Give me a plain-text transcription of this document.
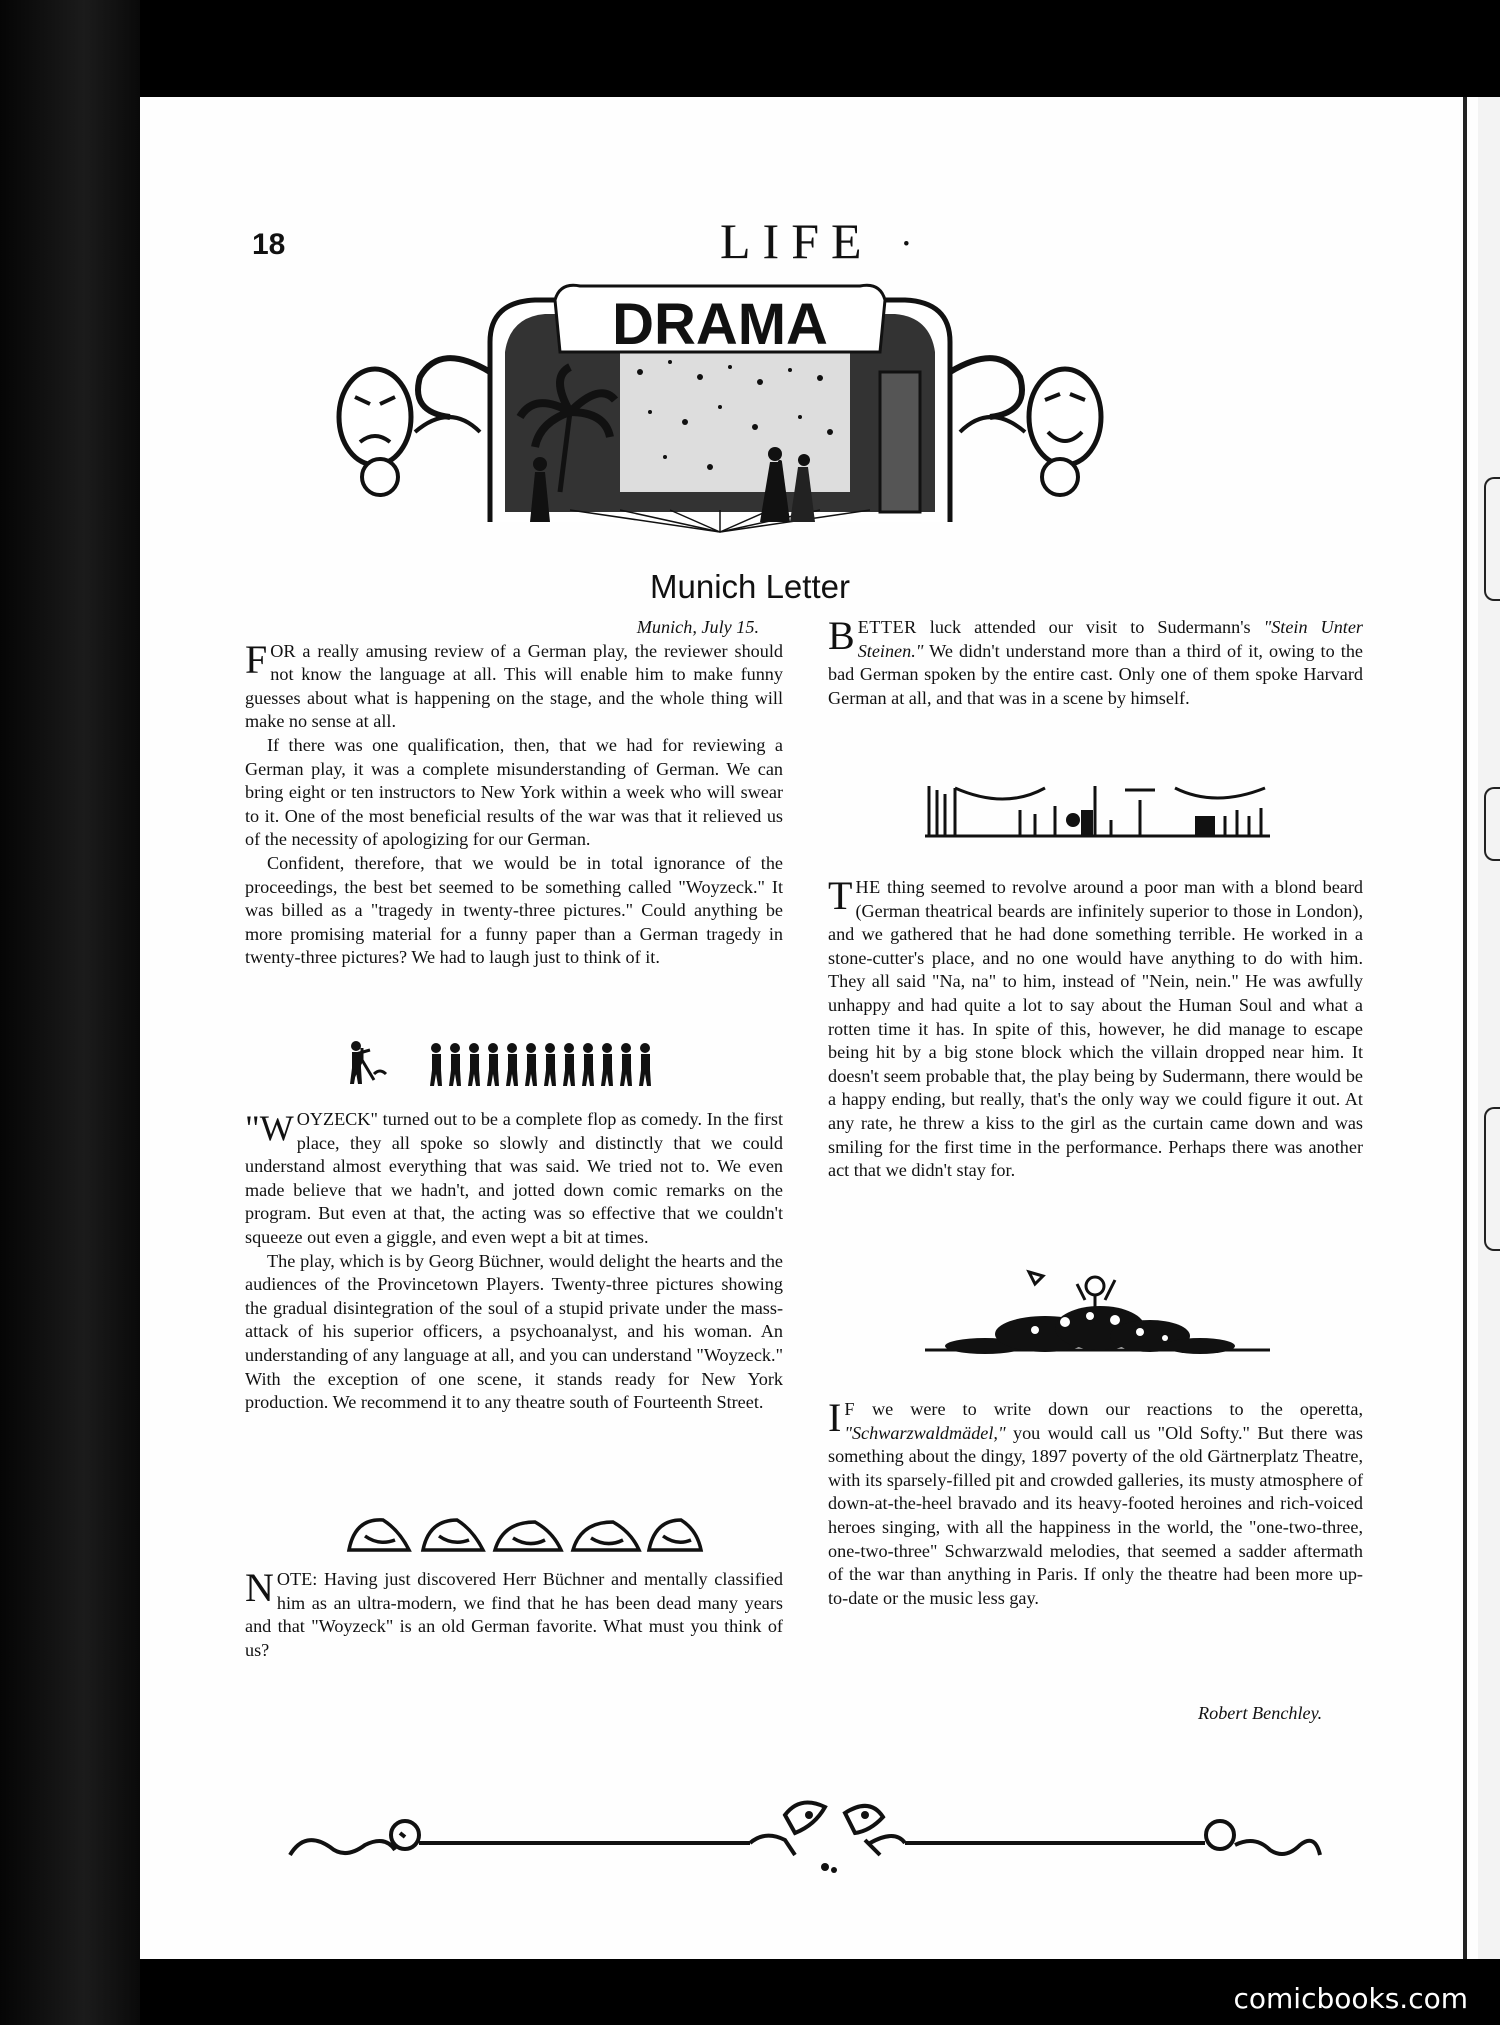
18	LIFE ·
DRAMA
Munich Letter
Munich, July 15.

FOR a really amusing review of a German play, the reviewer should not know the language at all. This will enable him to make funny guesses about what is happening on the stage, and the whole thing will make no sense at all.

If there was one qualification, then, that we had for reviewing a German play, it was a complete misunderstanding of German. We can bring eight or ten instructors to New York within a week who will swear to it. One of the most beneficial results of the war was that it relieved us of the necessity of apologizing for our German.

Confident, therefore, that we would be in total ignorance of the proceedings, the best bet seemed to be something called "Woyzeck." It was billed as a "tragedy in twenty-three pictures." Could anything be more promising material for a funny paper than a German tragedy in twenty-three pictures? We had to laugh just to think of it.

"WOYZECK" turned out to be a complete flop as comedy. In the first place, they all spoke so slowly and distinctly that we could understand almost everything that was said. We tried not to. We even made believe that we hadn't, and jotted down comic remarks on the program. But even at that, the acting was so effective that we couldn't squeeze out even a giggle, and even wept a bit at times.

The play, which is by Georg Büchner, would delight the hearts and the audiences of the Provincetown Players. Twenty-three pictures showing the gradual disintegration of the soul of a stupid private under the mass-attack of his superior officers, a psychoanalyst, and his woman. An understanding of any language at all, and you can understand "Woyzeck." With the exception of one scene, it stands ready for New York production. We recommend it to any theatre south of Fourteenth Street.

NOTE: Having just discovered Herr Büchner and mentally classified him as an ultra-modern, we find that he has been dead many years and that "Woyzeck" is an old German favorite. What must you think of us?

BETTER luck attended our visit to Sudermann's "Stein Unter Steinen." We didn't understand more than a third of it, owing to the bad German spoken by the entire cast. Only one of them spoke Harvard German at all, and that was in a scene by himself.

THE thing seemed to revolve around a poor man with a blond beard (German theatrical beards are infinitely superior to those in London), and we gathered that he had done something terrible. He worked in a stone-cutter's place, and no one would have anything to do with him. They all said "Na, na" to him, instead of "Nein, nein." He was awfully unhappy and had quite a lot to say about the Human Soul and what a rotten time it has. In spite of this, however, he did manage to escape being hit by a big stone block which the villain dropped near him. It doesn't seem probable that, the play being by Sudermann, there would be a happy ending, but really, that's the only way we could figure it out. At any rate, he threw a kiss to the girl as the curtain came down and was smiling for the first time in the performance. Perhaps there was another act that we didn't stay for.

I F we were to write down our reactions to the operetta, "Schwarzwaldmädel," you would call us "Old Softy." But there was something about the dingy, 1897 poverty of the old Gärtnerplatz Theatre, with its sparsely-filled pit and crowded galleries, its musty atmosphere of down-at-the-heel bravado and its heavy-footed heroines and rich-voiced heroes singing, with all the happiness in the world, the "one-two-three, one-two-three" Schwarzwald melodies, that seemed a sadder aftermath of the war than anything in Paris. If only the theatre had been more up-to-date or the music less gay.

Robert Benchley.
comicbooks.com
